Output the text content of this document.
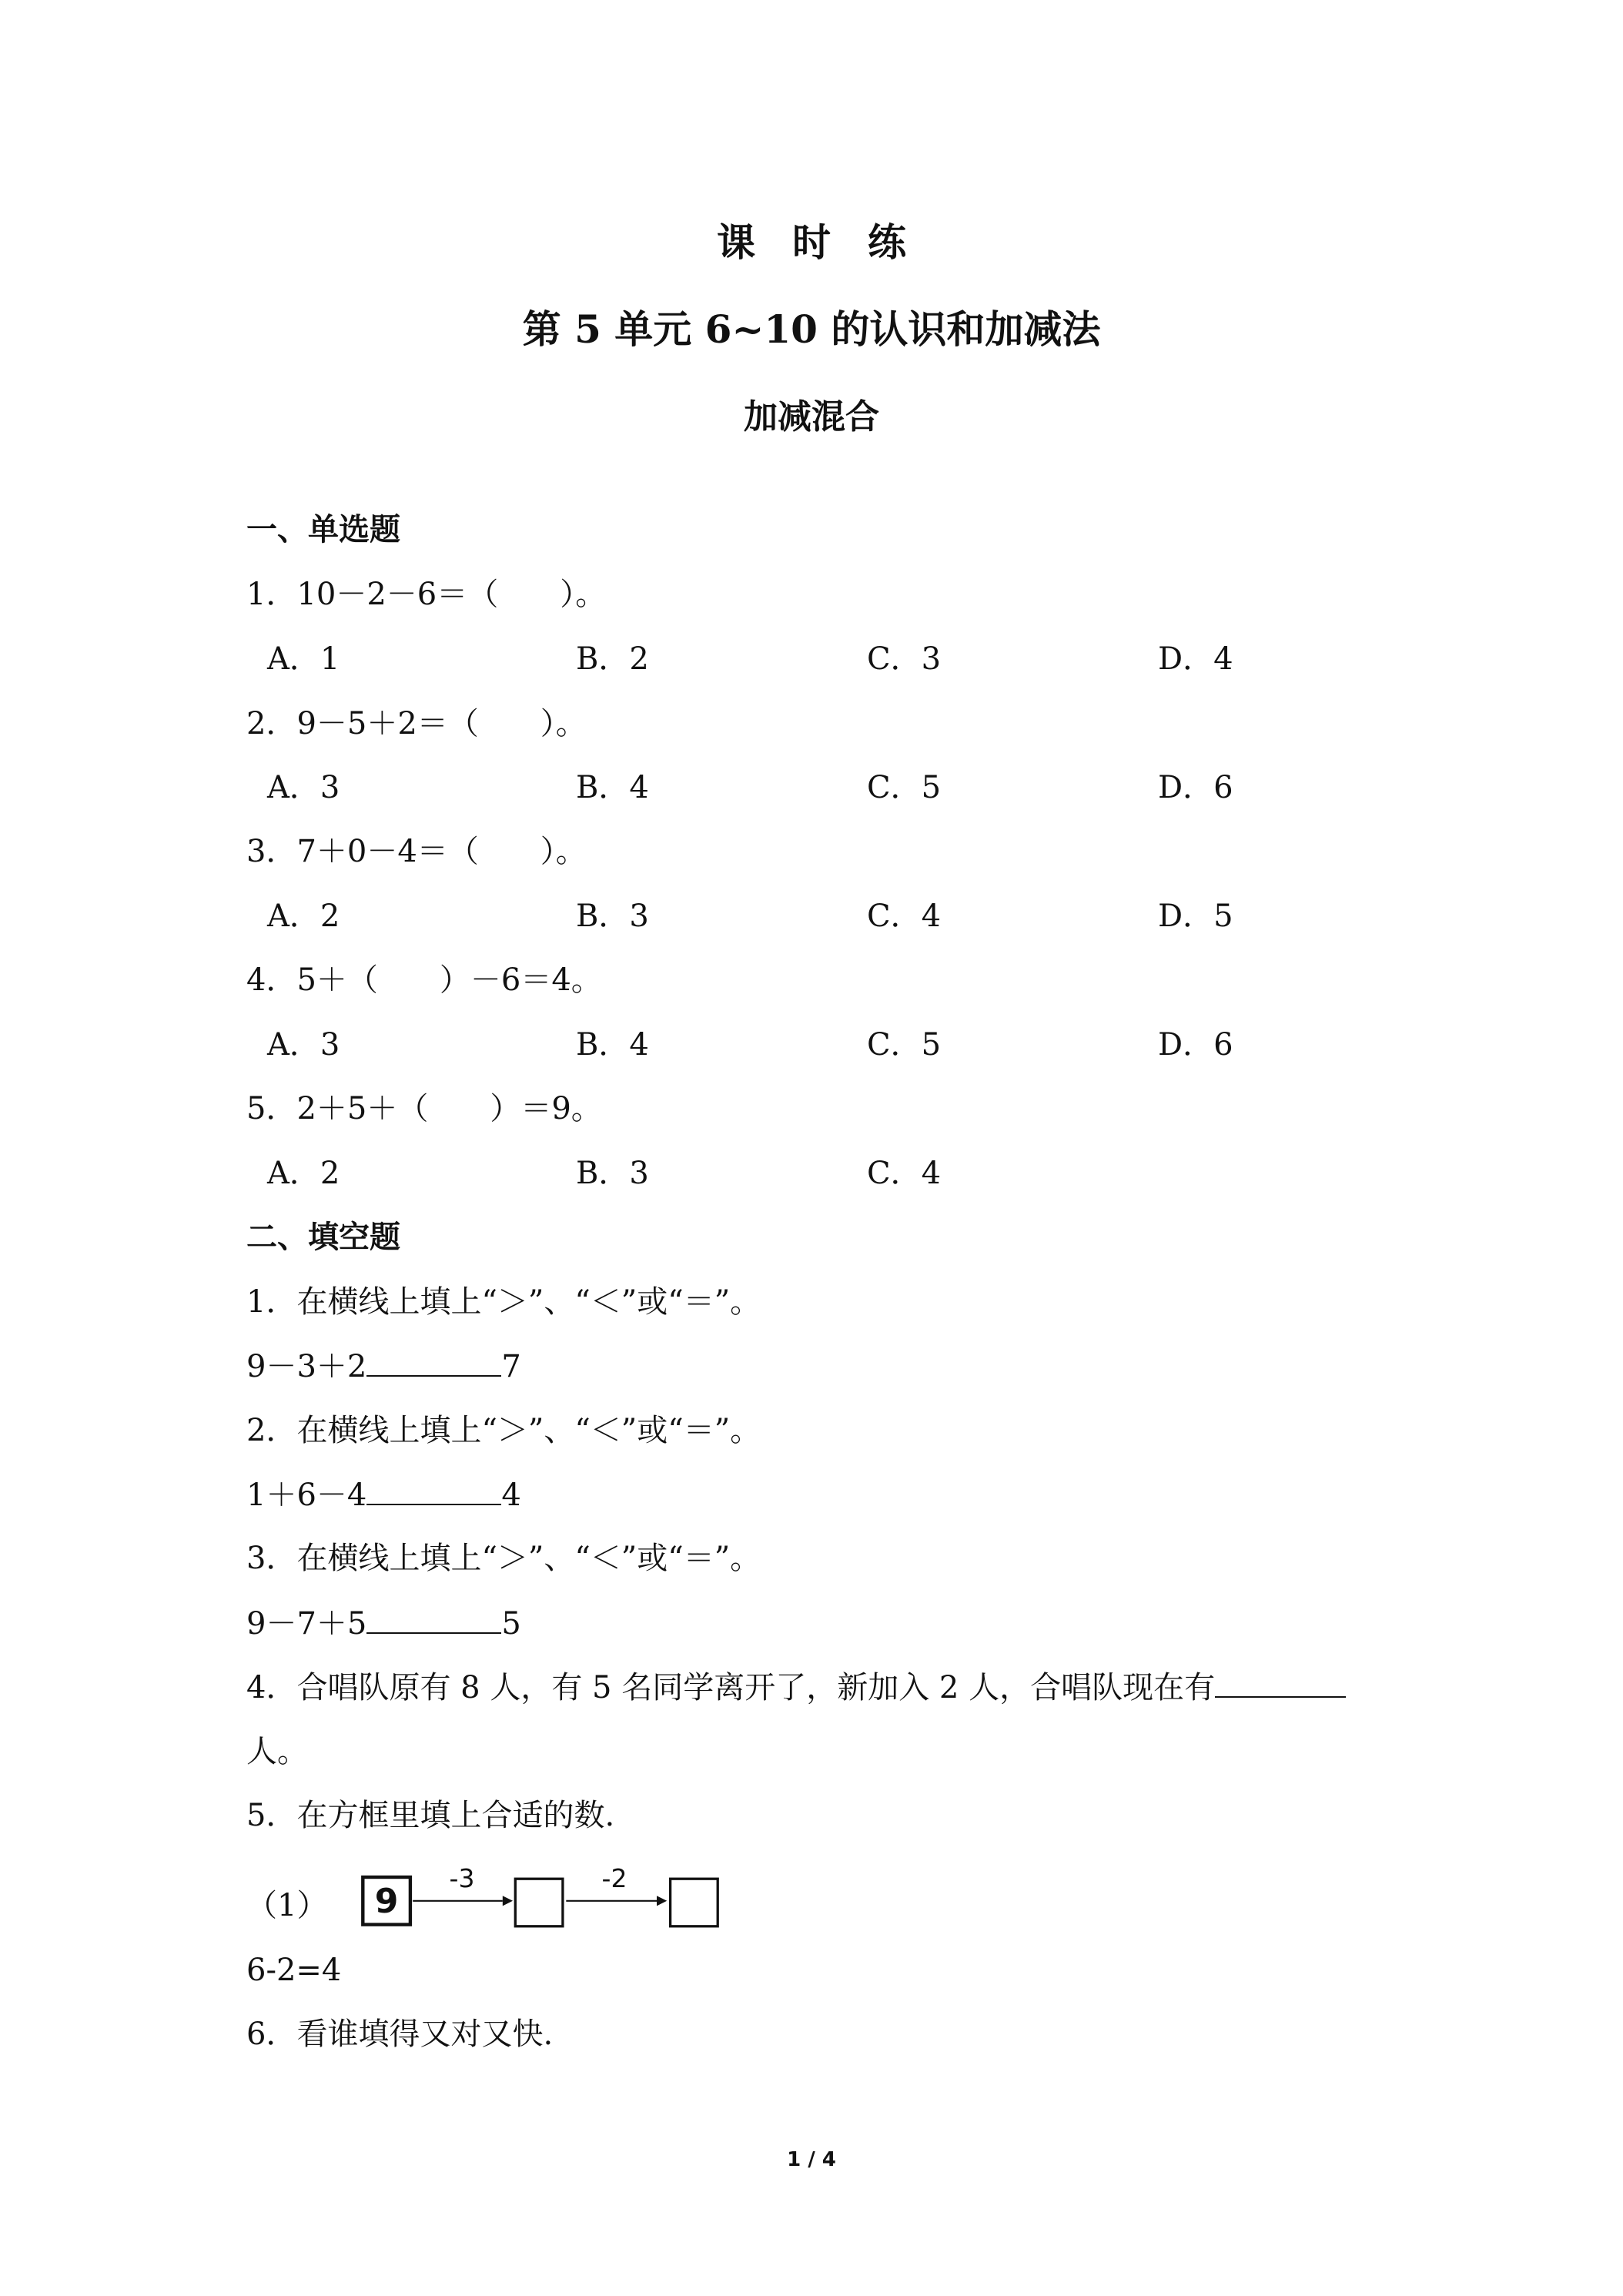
课时练
第 5 单元 6~10 的认识和加减法
加减混合
一、单选题
1．10－2－6＝（　　）。
A．1	B．2	C．3	D．4
2．9－5＋2＝（　　）。
A．3	B．4	C．5	D．6
3．7＋0－4＝（　　）。
A．2	B．3	C．4	D．5
4．5＋（　　）－6＝4。
A．3	B．4	C．5	D．6
5．2＋5＋（　　）＝9。
A．2	B．3	C．4
二、填空题
1．在横线上填上“＞”、“＜”或“＝”。
9－3＋2	7
2．在横线上填上“＞”、“＜”或“＝”。
1＋6－4	4
3．在横线上填上“＞”、“＜”或“＝”。
9－7＋5	5
4．合唱队原有 8 人，有 5 名同学离开了，新加入 2 人，合唱队现在有
人。
5．在方框里填上合适的数.
（1） 9
-3	-2
6-2=4
6．看谁填得又对又快.
1 / 4
